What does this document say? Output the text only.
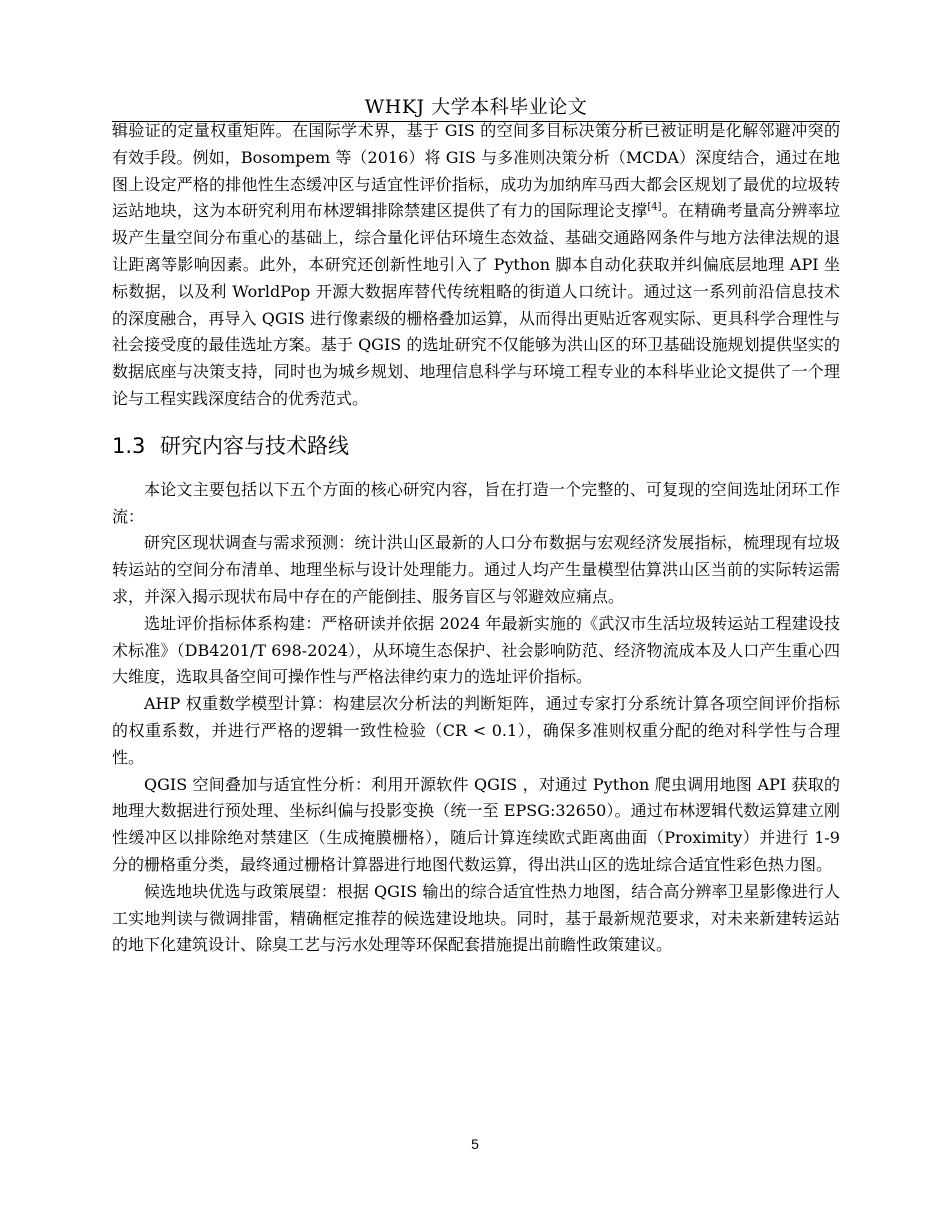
WHKJ 大学本科毕业论文

辑验证的定量权重矩阵。在国际学术界，基于 GIS 的空间多目标决策分析已被证明是化解邻避冲突的有效手段。例如，Bosompem 等（2016）将 GIS 与多准则决策分析（MCDA）深度结合，通过在地图上设定严格的排他性生态缓冲区与适宜性评价指标，成功为加纳库马西大都会区规划了最优的垃圾转运站地块，这为本研究利用布林逻辑排除禁建区提供了有力的国际理论支撑[4]。在精确考量高分辨率垃圾产生量空间分布重心的基础上，综合量化评估环境生态效益、基础交通路网条件与地方法律法规的退让距离等影响因素。此外，本研究还创新性地引入了 Python 脚本自动化获取并纠偏底层地理 API 坐标数据，以及利 WorldPop 开源大数据库替代传统粗略的街道人口统计。通过这一系列前沿信息技术的深度融合，再导入 QGIS 进行像素级的栅格叠加运算，从而得出更贴近客观实际、更具科学合理性与社会接受度的最佳选址方案。基于 QGIS 的选址研究不仅能够为洪山区的环卫基础设施规划提供坚实的数据底座与决策支持，同时也为城乡规划、地理信息科学与环境工程专业的本科毕业论文提供了一个理论与工程实践深度结合的优秀范式。

1.3 研究内容与技术路线

本论文主要包括以下五个方面的核心研究内容，旨在打造一个完整的、可复现的空间选址闭环工作流：

研究区现状调查与需求预测：统计洪山区最新的人口分布数据与宏观经济发展指标，梳理现有垃圾转运站的空间分布清单、地理坐标与设计处理能力。通过人均产生量模型估算洪山区当前的实际转运需求，并深入揭示现状布局中存在的产能倒挂、服务盲区与邻避效应痛点。

选址评价指标体系构建：严格研读并依据 2024 年最新实施的《武汉市生活垃圾转运站工程建设技术标准》（DB4201/T 698-2024），从环境生态保护、社会影响防范、经济物流成本及人口产生重心四大维度，选取具备空间可操作性与严格法律约束力的选址评价指标。

AHP 权重数学模型计算：构建层次分析法的判断矩阵，通过专家打分系统计算各项空间评价指标的权重系数，并进行严格的逻辑一致性检验（CR < 0.1），确保多准则权重分配的绝对科学性与合理性。

QGIS 空间叠加与适宜性分析：利用开源软件 QGIS ，对通过 Python 爬虫调用地图 API 获取的地理大数据进行预处理、坐标纠偏与投影变换（统一至 EPSG:32650）。通过布林逻辑代数运算建立刚性缓冲区以排除绝对禁建区（生成掩膜栅格），随后计算连续欧式距离曲面（Proximity）并进行 1-9 分的栅格重分类，最终通过栅格计算器进行地图代数运算，得出洪山区的选址综合适宜性彩色热力图。

候选地块优选与政策展望：根据 QGIS 输出的综合适宜性热力地图，结合高分辨率卫星影像进行人工实地判读与微调排雷，精确框定推荐的候选建设地块。同时，基于最新规范要求，对未来新建转运站的地下化建筑设计、除臭工艺与污水处理等环保配套措施提出前瞻性政策建议。

5
